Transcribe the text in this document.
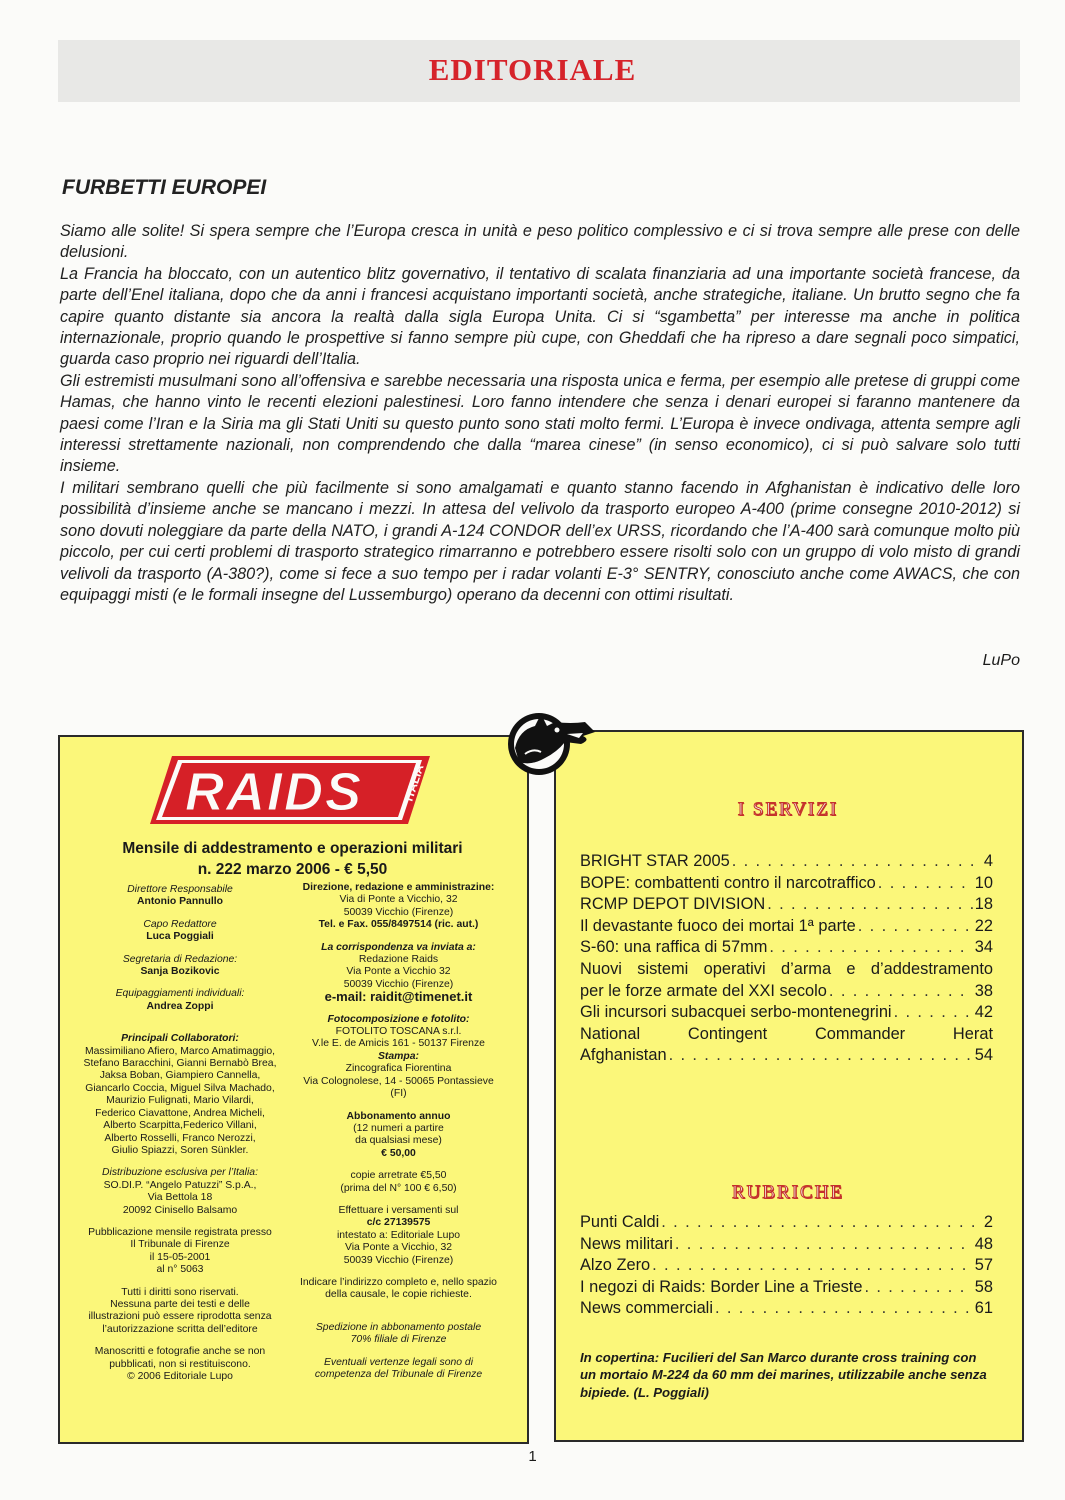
EDITORIALE
FURBETTI EUROPEI

Siamo alle solite! Si spera sempre che l’Europa cresca in unità e peso politico complessivo e ci si trova sempre alle prese con delle delusioni.

La Francia ha bloccato, con un autentico blitz governativo, il tentativo di scalata finanziaria ad una importante società francese, da parte dell’Enel italiana, dopo che da anni i francesi acquistano importanti società, anche strategiche, italiane. Un brutto segno che fa capire quanto distante sia ancora la realtà dalla sigla Europa Unita. Ci si “sgambetta” per interesse ma anche in politica internazionale, proprio quando le prospettive si fanno sempre più cupe, con Gheddafi che ha ripreso a dare segnali poco simpatici, guarda caso proprio nei riguardi dell’Italia.

Gli estremisti musulmani sono all’offensiva e sarebbe necessaria una risposta unica e ferma, per esempio alle pretese di gruppi come Hamas, che hanno vinto le recenti elezioni palestinesi. Loro fanno intendere che senza i denari europei si faranno mantenere da paesi come l’Iran e la Siria ma gli Stati Uniti su questo punto sono stati molto fermi. L’Europa è invece ondivaga, attenta sempre agli interessi strettamente nazionali, non comprendendo che dalla “marea cinese” (in senso economico), ci si può salvare solo tutti insieme.

I militari sembrano quelli che più facilmente si sono amalgamati e quanto stanno facendo in Afghanistan è indicativo delle loro possibilità d’insieme anche se mancano i mezzi. In attesa del velivolo da trasporto europeo A-400 (prime consegne 2010-2012) si sono dovuti noleggiare da parte della NATO, i grandi A-124 CONDOR dell’ex URSS, ricordando che l’A-400 sarà comunque molto più piccolo, per cui certi problemi di trasporto strategico rimarranno e potrebbero essere risolti solo con un gruppo di volo misto di grandi velivoli da trasporto (A-380?), come si fece a suo tempo per i radar volanti E-3° SENTRY, conosciuto anche come AWACS, che con equipaggi misti (e le formali insegne del Lussemburgo) operano da decenni con ottimi risultati.

LuPo
RAIDS	ITALIA
Mensile di addestramento e operazioni militari
n. 222 marzo 2006 - € 5,50
Direttore Responsabile
Antonio Pannullo
Capo Redattore
Luca Poggiali
Segretaria di Redazione:
Sanja Bozikovic
Equipaggiamenti individuali:
Andrea Zoppi
Principali Collaboratori:
Massimiliano Afiero, Marco Amatimaggio,
Stefano Baracchini, Gianni Bernabò Brea,
Jaksa Boban, Giampiero Cannella,
Giancarlo Coccia, Miguel Silva Machado,
Maurizio Fulignati, Mario Vilardi,
Federico Ciavattone, Andrea Micheli,
Alberto Scarpitta,Federico Villani,
Alberto Rosselli, Franco Nerozzi,
Giulio Spiazzi, Soren Sünkler.
Distribuzione esclusiva per l’Italia:
SO.DI.P. “Angelo Patuzzi” S.p.A.,
Via Bettola 18
20092 Cinisello Balsamo
Pubblicazione mensile registrata presso
Il Tribunale di Firenze
il 15-05-2001
al n° 5063
Tutti i diritti sono riservati.
Nessuna parte dei testi e delle
illustrazioni può essere riprodotta senza
l’autorizzazione scritta dell’editore
Manoscritti e fotografie anche se non
pubblicati, non si restituiscono.
© 2006 Editoriale Lupo
Direzione, redazione e amministrazine:
Via di Ponte a Vicchio, 32
50039 Vicchio (Firenze)
Tel. e Fax. 055/8497514 (ric. aut.)
La corrispondenza va inviata a:
Redazione Raids
Via Ponte a Vicchio 32
50039 Vicchio (Firenze)
e-mail: raidit@timenet.it
Fotocomposizione e fotolito:
FOTOLITO TOSCANA s.r.l.
V.le E. de Amicis 161 - 50137 Firenze
Stampa:
Zincografica Fiorentina
Via Colognolese, 14 - 50065 Pontassieve (FI)
Abbonamento annuo
(12 numeri a partire
da qualsiasi mese)
€ 50,00
copie arretrate €5,50
(prima del N° 100 € 6,50)
Effettuare i versamenti sul
c/c 27139575
intestato a: Editoriale Lupo
Via Ponte a Vicchio, 32
50039 Vicchio (Firenze)
Indicare l’indirizzo completo e, nello spazio
della causale, le copie richieste.
Spedizione in abbonamento postale
70% filiale di Firenze
Eventuali vertenze legali sono di
competenza del Tribunale di Firenze
I SERVIZI
BRIGHT STAR 2005 . . .	4
BOPE: combattenti contro il narcotraffico . . .	10
RCMP DEPOT DIVISION . . .	18
Il devastante fuoco dei mortai 1ª parte . . .	22
S-60: una raffica di 57mm . . .	34
Nuovi sistemi operativi d’arma e d’addestramento
per le forze armate del XXI secolo . . .	38
Gli incursori subacquei serbo-montenegrini . . .	42
National Contingent Commander Herat
Afghanistan . . .	54
RUBRICHE
Punti Caldi . . .	2
News militari . . .	48
Alzo Zero . . .	57
I negozi di Raids: Border Line a Trieste . . .	58
News commerciali . . .	61
In copertina: Fucilieri del San Marco durante cross training con un mortaio M-224 da 60 mm dei marines, utilizzabile anche senza bipiede. (L. Poggiali)
1
